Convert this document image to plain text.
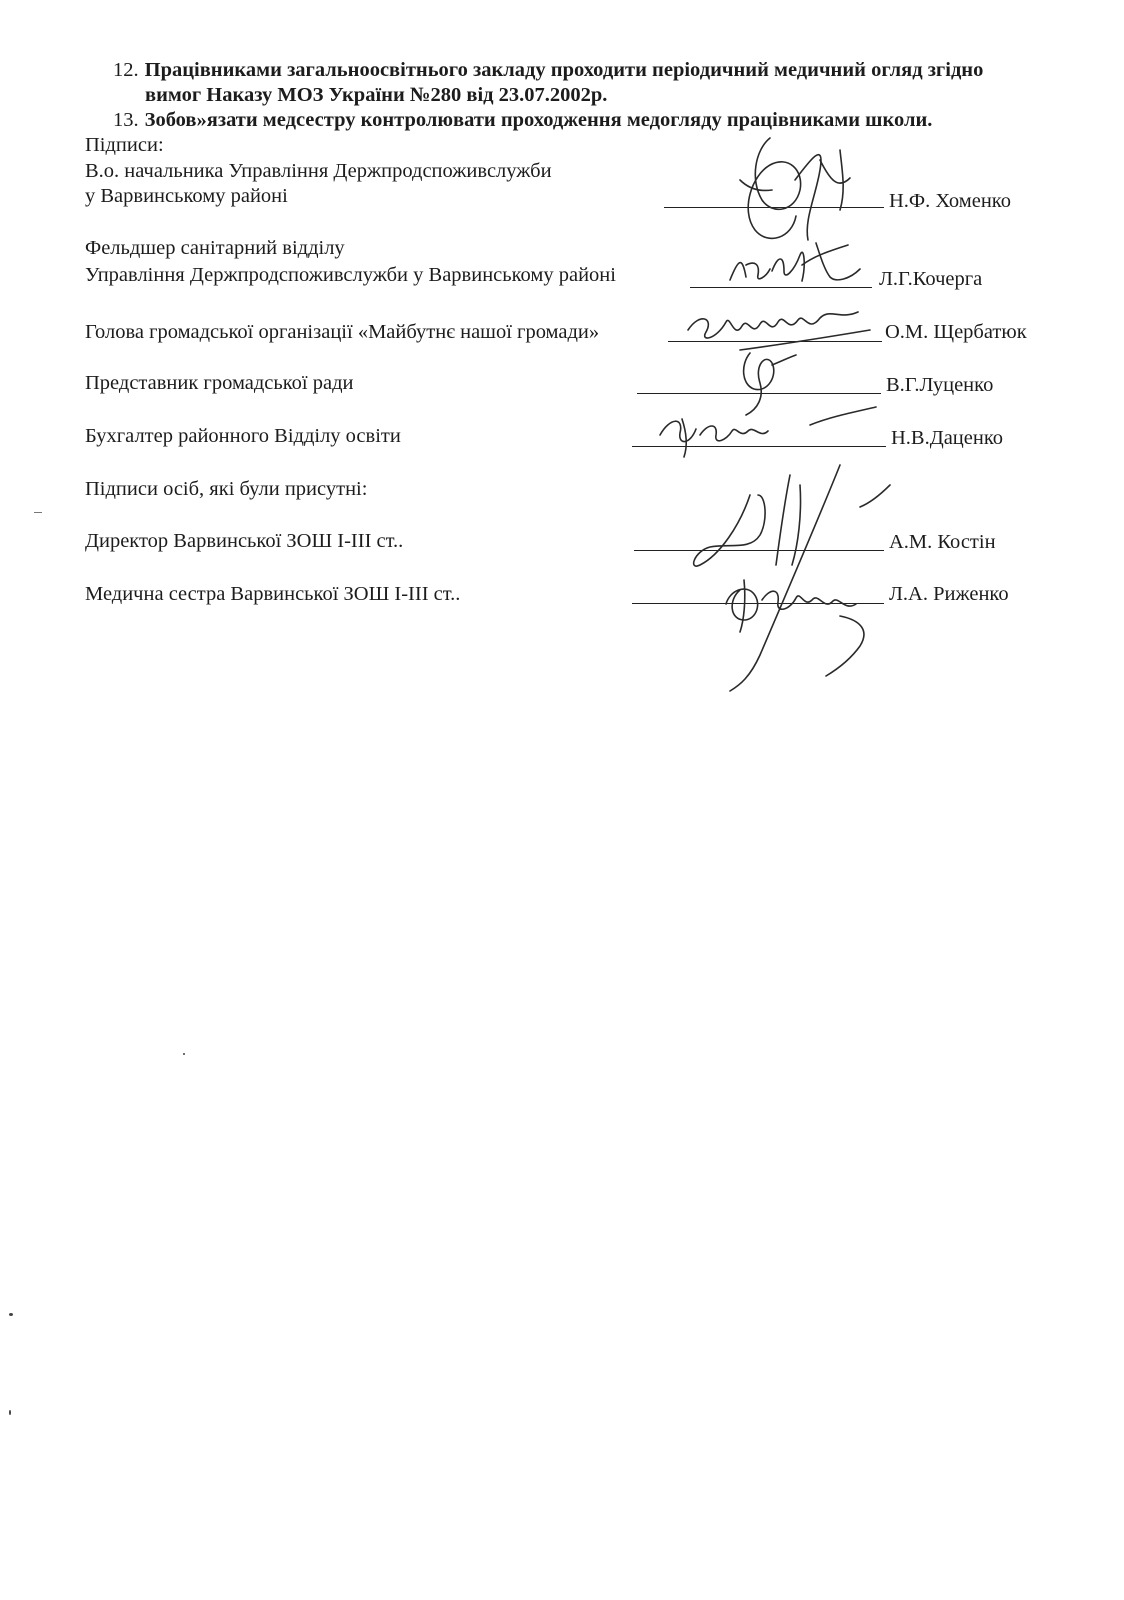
12. Працівниками загальноосвітнього закладу проходити періодичний медичний огляд згідно
вимог Наказу МОЗ України №280 від 23.07.2002р.
13. Зобов»язати медсестру контролювати проходження медогляду працівниками школи.
Підписи:
В.о. начальника Управління Держпродспоживслужби
у Варвинському районі	Н.Ф. Хоменко
Фельдшер санітарний відділу
Управління Держпродспоживслужби у Варвинському районі	Л.Г.Кочерга
Голова громадської організації «Майбутнє нашої громади»	О.М. Щербатюк
Представник громадської ради	В.Г.Луценко
Бухгалтер районного Відділу освіти	Н.В.Даценко
Підписи осіб, які були присутні:
Директор Варвинської ЗОШ І-ІІІ ст..	А.М. Костін
Медична сестра Варвинської ЗОШ І-ІІІ ст..	Л.А. Риженко
